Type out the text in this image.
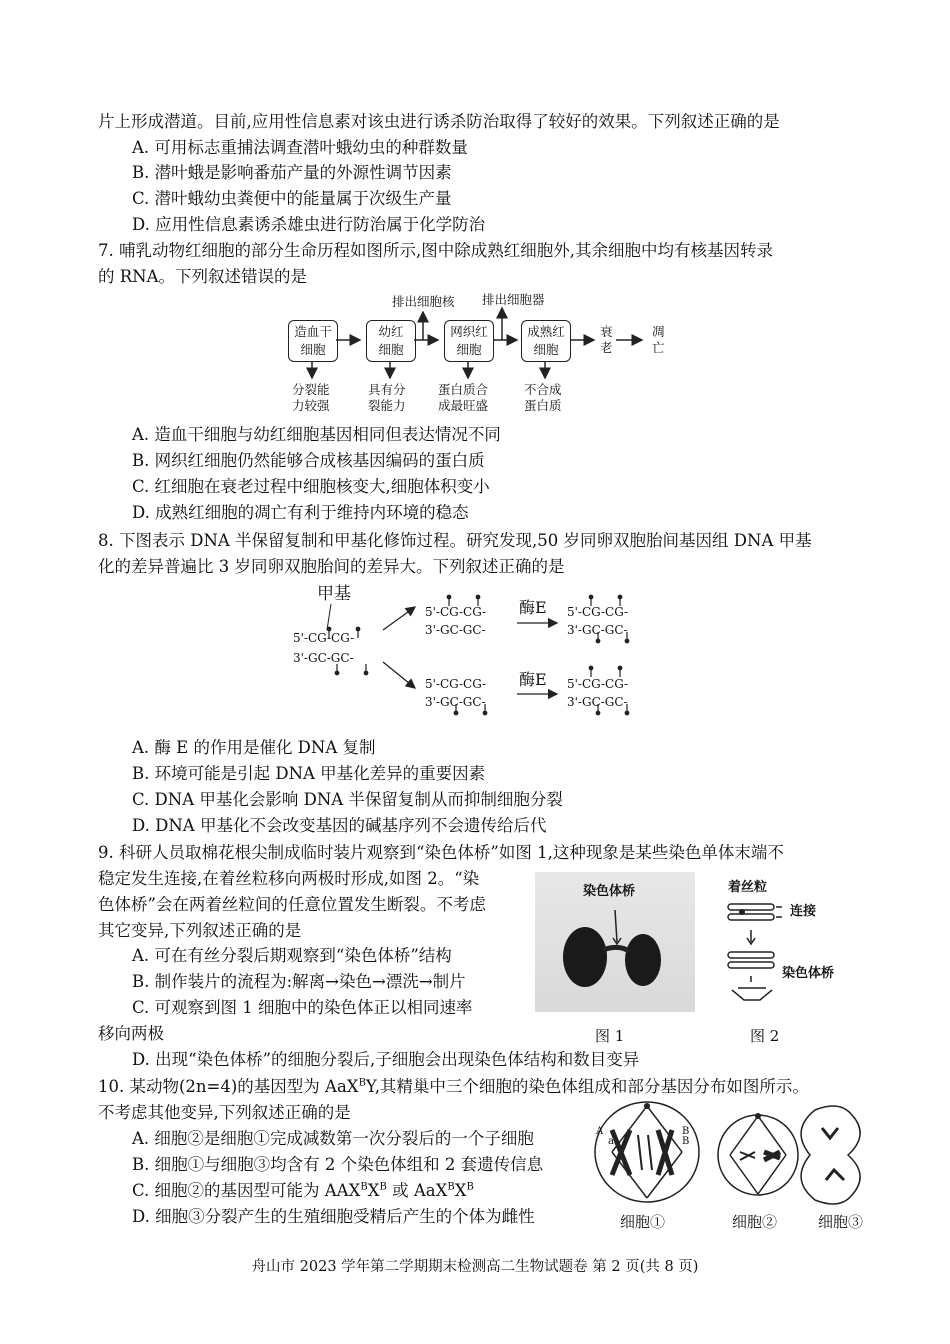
片上形成潜道。目前,应用性信息素对该虫进行诱杀防治取得了较好的效果。下列叙述正确的是
A. 可用标志重捕法调查潜叶蛾幼虫的种群数量
B. 潜叶蛾是影响番茄产量的外源性调节因素
C. 潜叶蛾幼虫粪便中的能量属于次级生产量
D. 应用性信息素诱杀雄虫进行防治属于化学防治
7. 哺乳动物红细胞的部分生命历程如图所示,图中除成熟红细胞外,其余细胞中均有核基因转录
的 RNA。下列叙述错误的是
造血干
细胞
幼红
细胞
网织红
细胞
成熟红
细胞
排出细胞核 排出细胞器
衰
老
凋
亡
分裂能
力较强
具有分
裂能力
蛋白质合
成最旺盛
不合成
蛋白质
A. 造血干细胞与幼红细胞基因相同但表达情况不同
B. 网织红细胞仍然能够合成核基因编码的蛋白质
C. 红细胞在衰老过程中细胞核变大,细胞体积变小
D. 成熟红细胞的凋亡有利于维持内环境的稳态
8. 下图表示 DNA 半保留复制和甲基化修饰过程。研究发现,50 岁同卵双胞胎间基因组 DNA 甲基
化的差异普遍比 3 岁同卵双胞胎间的差异大。下列叙述正确的是
甲基
5'-CG-CG-
3'-GC-GC-
5'-CG-CG-
3'-GC-GC-
酶E 5'-CG-CG-
3'-GC-GC-
5'-CG-CG-
3'-GC-GC-
酶E 5'-CG-CG-
3'-GC-GC-
A. 酶 E 的作用是催化 DNA 复制
B. 环境可能是引起 DNA 甲基化差异的重要因素
C. DNA 甲基化会影响 DNA 半保留复制从而抑制细胞分裂
D. DNA 甲基化不会改变基因的碱基序列不会遗传给后代
9. 科研人员取棉花根尖制成临时装片观察到“染色体桥”如图 1,这种现象是某些染色单体末端不
稳定发生连接,在着丝粒移向两极时形成,如图 2。“染
色体桥”会在两着丝粒间的任意位置发生断裂。不考虑
其它变异,下列叙述正确的是
A. 可在有丝分裂后期观察到“染色体桥”结构
B. 制作装片的流程为:解离→染色→漂洗→制片
C. 可观察到图 1 细胞中的染色体正以相同速率
移向两极
D. 出现“染色体桥”的细胞分裂后,子细胞会出现染色体结构和数目变异
染色体桥	着丝粒
连接
染色体桥
图 1	图 2
10. 某动物(2n=4)的基因型为 AaX$^B$Y,其精巢中三个细胞的染色体组成和部分基因分布如图所示。
不考虑其他变异,下列叙述正确的是
A. 细胞②是细胞①完成减数第一次分裂后的一个子细胞
B. 细胞①与细胞③均含有 2 个染色体组和 2 套遗传信息
C. 细胞②的基因型可能为 $AAX^BX^B$ 或 $AaX^BX^B$
D. 细胞③分裂产生的生殖细胞受精后产生的个体为雌性
A
a
B
B
细胞①	细胞②	细胞③
舟山市 2023 学年第二学期期末检测高二生物试题卷 第 2 页(共 8 页)
